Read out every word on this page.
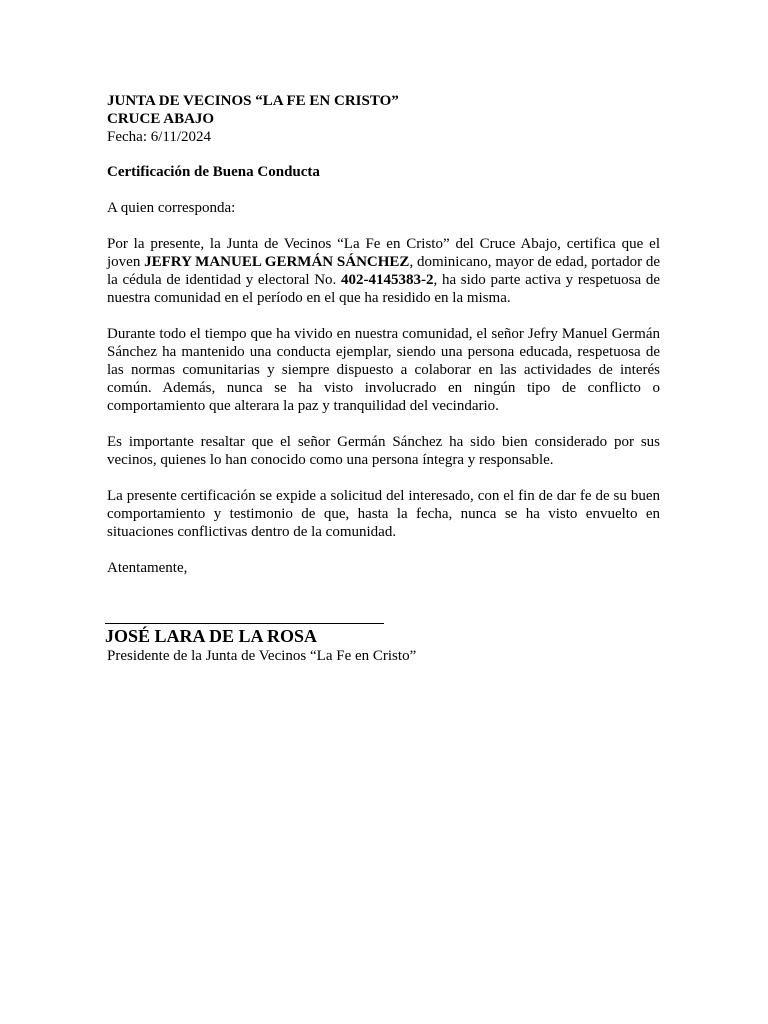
JUNTA DE VECINOS “LA FE EN CRISTO”
CRUCE ABAJO
Fecha: 6/11/2024
Certificación de Buena Conducta

A quien corresponda:

Por la presente, la Junta de Vecinos “La Fe en Cristo” del Cruce Abajo, certifica que el joven JEFRY MANUEL GERMÁN SÁNCHEZ, dominicano, mayor de edad, portador de la cédula de identidad y electoral No. 402-4145383-2, ha sido parte activa y respetuosa de nuestra comunidad en el período en el que ha residido en la misma.

Durante todo el tiempo que ha vivido en nuestra comunidad, el señor Jefry Manuel Germán Sánchez ha mantenido una conducta ejemplar, siendo una persona educada, respetuosa de las normas comunitarias y siempre dispuesto a colaborar en las actividades de interés común. Además, nunca se ha visto involucrado en ningún tipo de conflicto o comportamiento que alterara la paz y tranquilidad del vecindario.

Es importante resaltar que el señor Germán Sánchez ha sido bien considerado por sus vecinos, quienes lo han conocido como una persona íntegra y responsable.

La presente certificación se expide a solicitud del interesado, con el fin de dar fe de su buen comportamiento y testimonio de que, hasta la fecha, nunca se ha visto envuelto en situaciones conflictivas dentro de la comunidad.

Atentamente,

JOSÉ LARA DE LA ROSA
Presidente de la Junta de Vecinos “La Fe en Cristo”
